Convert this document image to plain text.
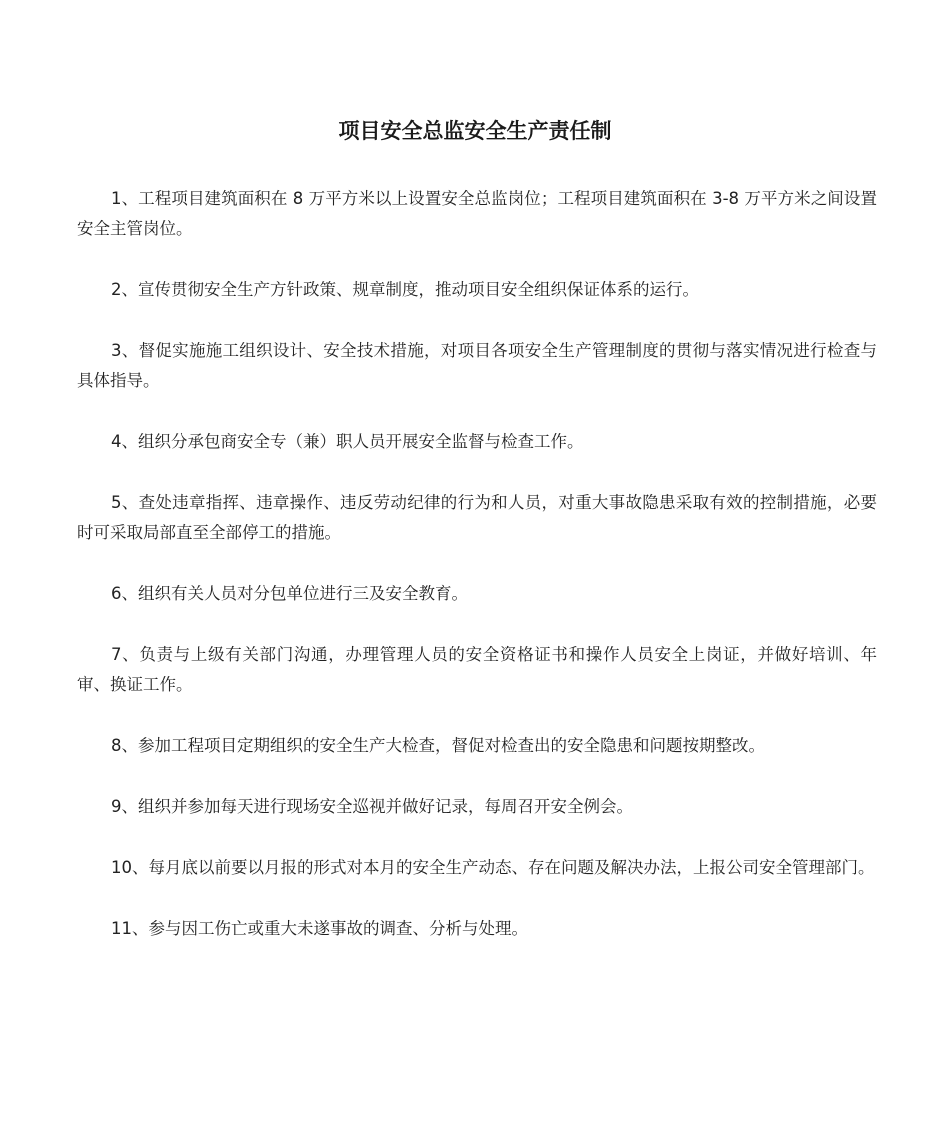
项目安全总监安全生产责任制

1、工程项目建筑面积在 8 万平方米以上设置安全总监岗位；工程项目建筑面积在 3-8 万平方米之间设置安全主管岗位。

2、宣传贯彻安全生产方针政策、规章制度，推动项目安全组织保证体系的运行。

3、督促实施施工组织设计、安全技术措施，对项目各项安全生产管理制度的贯彻与落实情况进行检查与具体指导。

4、组织分承包商安全专（兼）职人员开展安全监督与检查工作。

5、查处违章指挥、违章操作、违反劳动纪律的行为和人员，对重大事故隐患采取有效的控制措施，必要时可采取局部直至全部停工的措施。

6、组织有关人员对分包单位进行三及安全教育。

7、负责与上级有关部门沟通，办理管理人员的安全资格证书和操作人员安全上岗证，并做好培训、年审、换证工作。

8、参加工程项目定期组织的安全生产大检查，督促对检查出的安全隐患和问题按期整改。

9、组织并参加每天进行现场安全巡视并做好记录，每周召开安全例会。

10、每月底以前要以月报的形式对本月的安全生产动态、存在问题及解决办法，上报公司安全管理部门。

11、参与因工伤亡或重大未遂事故的调查、分析与处理。
